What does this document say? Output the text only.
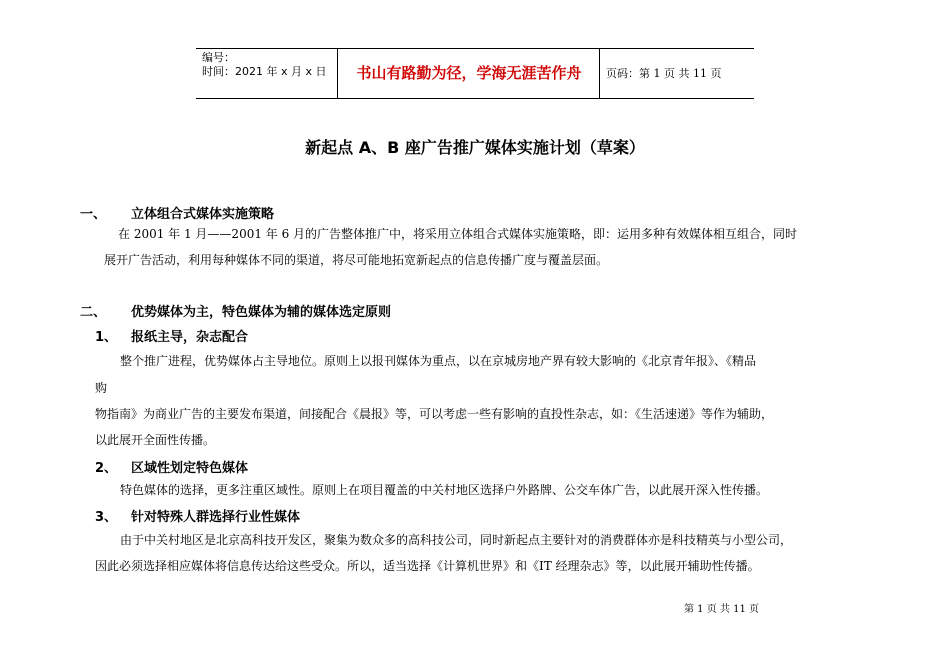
编号：
时间：2021 年 x 月 x 日	书山有路勤为径，学海无涯苦作舟	页码：第 1 页 共 11 页
新起点 A、B 座广告推广媒体实施计划（草案）
一、 立体组合式媒体实施策略
在 2001 年 1 月——2001 年 6 月的广告整体推广中，将采用立体组合式媒体实施策略，即：运用多种有效媒体相互组合，同时
展开广告活动，利用每种媒体不同的渠道，将尽可能地拓宽新起点的信息传播广度与覆盖层面。
二、 优势媒体为主，特色媒体为辅的媒体选定原则
1、 报纸主导，杂志配合
整个推广进程，优势媒体占主导地位。原则上以报刊媒体为重点，以在京城房地产界有较大影响的《北京青年报》、《精品
购
物指南》为商业广告的主要发布渠道，间接配合《晨报》等，可以考虑一些有影响的直投性杂志，如：《生活速递》等作为辅助，
以此展开全面性传播。
2、 区域性划定特色媒体
特色媒体的选择，更多注重区域性。原则上在项目覆盖的中关村地区选择户外路牌、公交车体广告，以此展开深入性传播。
3、 针对特殊人群选择行业性媒体
由于中关村地区是北京高科技开发区，聚集为数众多的高科技公司，同时新起点主要针对的消费群体亦是科技精英与小型公司，
因此必须选择相应媒体将信息传达给这些受众。所以，适当选择《计算机世界》和《IT 经理杂志》等，以此展开辅助性传播。
第 1 页 共 11 页
